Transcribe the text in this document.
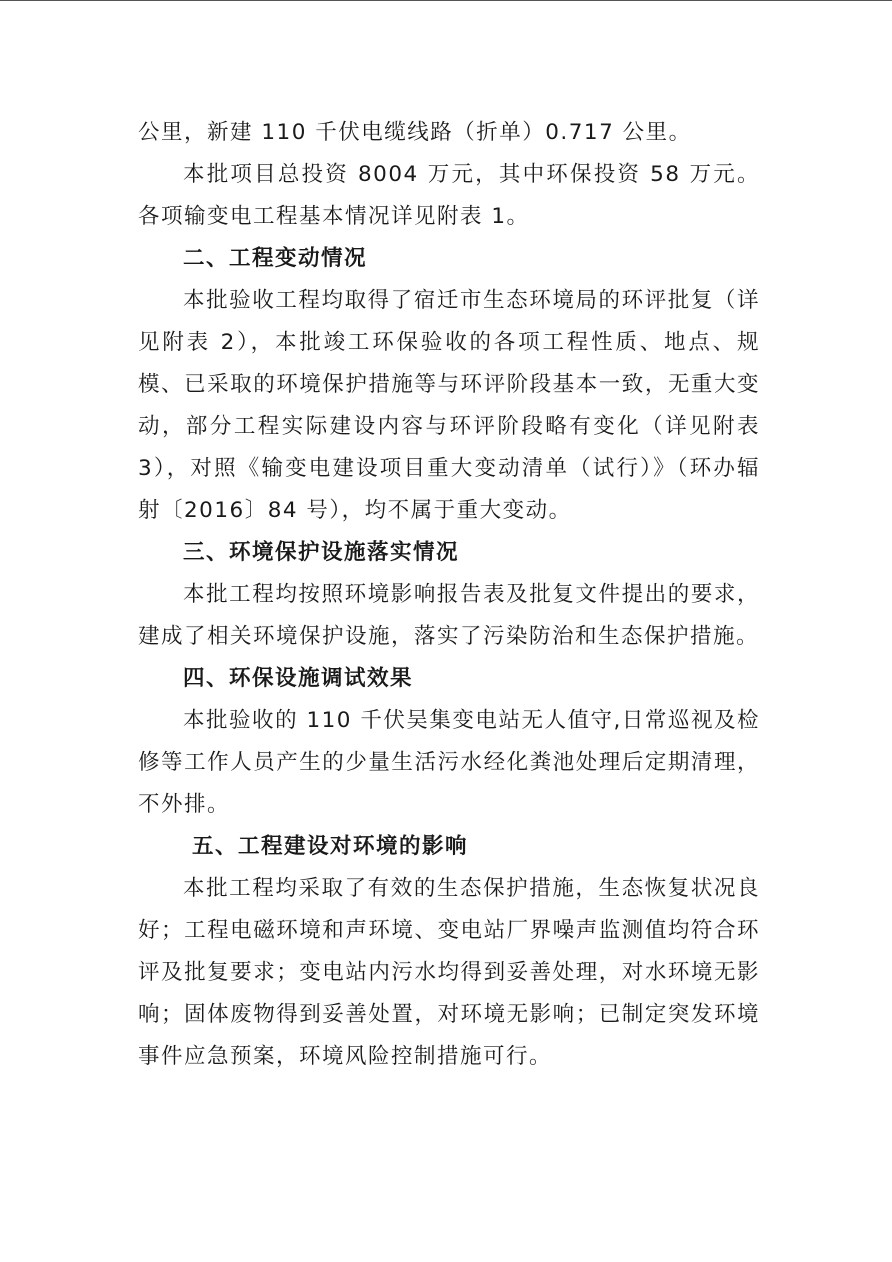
公里，新建 110 千伏电缆线路（折单）0.717 公里。

本批项目总投资 8004 万元，其中环保投资 58 万元。各项输变电工程基本情况详见附表 1。

二、工程变动情况

本批验收工程均取得了宿迁市生态环境局的环评批复（详见附表 2），本批竣工环保验收的各项工程性质、地点、规模、已采取的环境保护措施等与环评阶段基本一致，无重大变动，部分工程实际建设内容与环评阶段略有变化（详见附表 3），对照《输变电建设项目重大变动清单（试行）》（环办辐射〔2016〕84 号），均不属于重大变动。

三、环境保护设施落实情况

本批工程均按照环境影响报告表及批复文件提出的要求，建成了相关环境保护设施，落实了污染防治和生态保护措施。

四、环保设施调试效果

本批验收的 110 千伏吴集变电站无人值守,日常巡视及检修等工作人员产生的少量生活污水经化粪池处理后定期清理，不外排。

五、工程建设对环境的影响

本批工程均采取了有效的生态保护措施，生态恢复状况良好；工程电磁环境和声环境、变电站厂界噪声监测值均符合环评及批复要求；变电站内污水均得到妥善处理，对水环境无影响；固体废物得到妥善处置，对环境无影响；已制定突发环境事件应急预案，环境风险控制措施可行。
